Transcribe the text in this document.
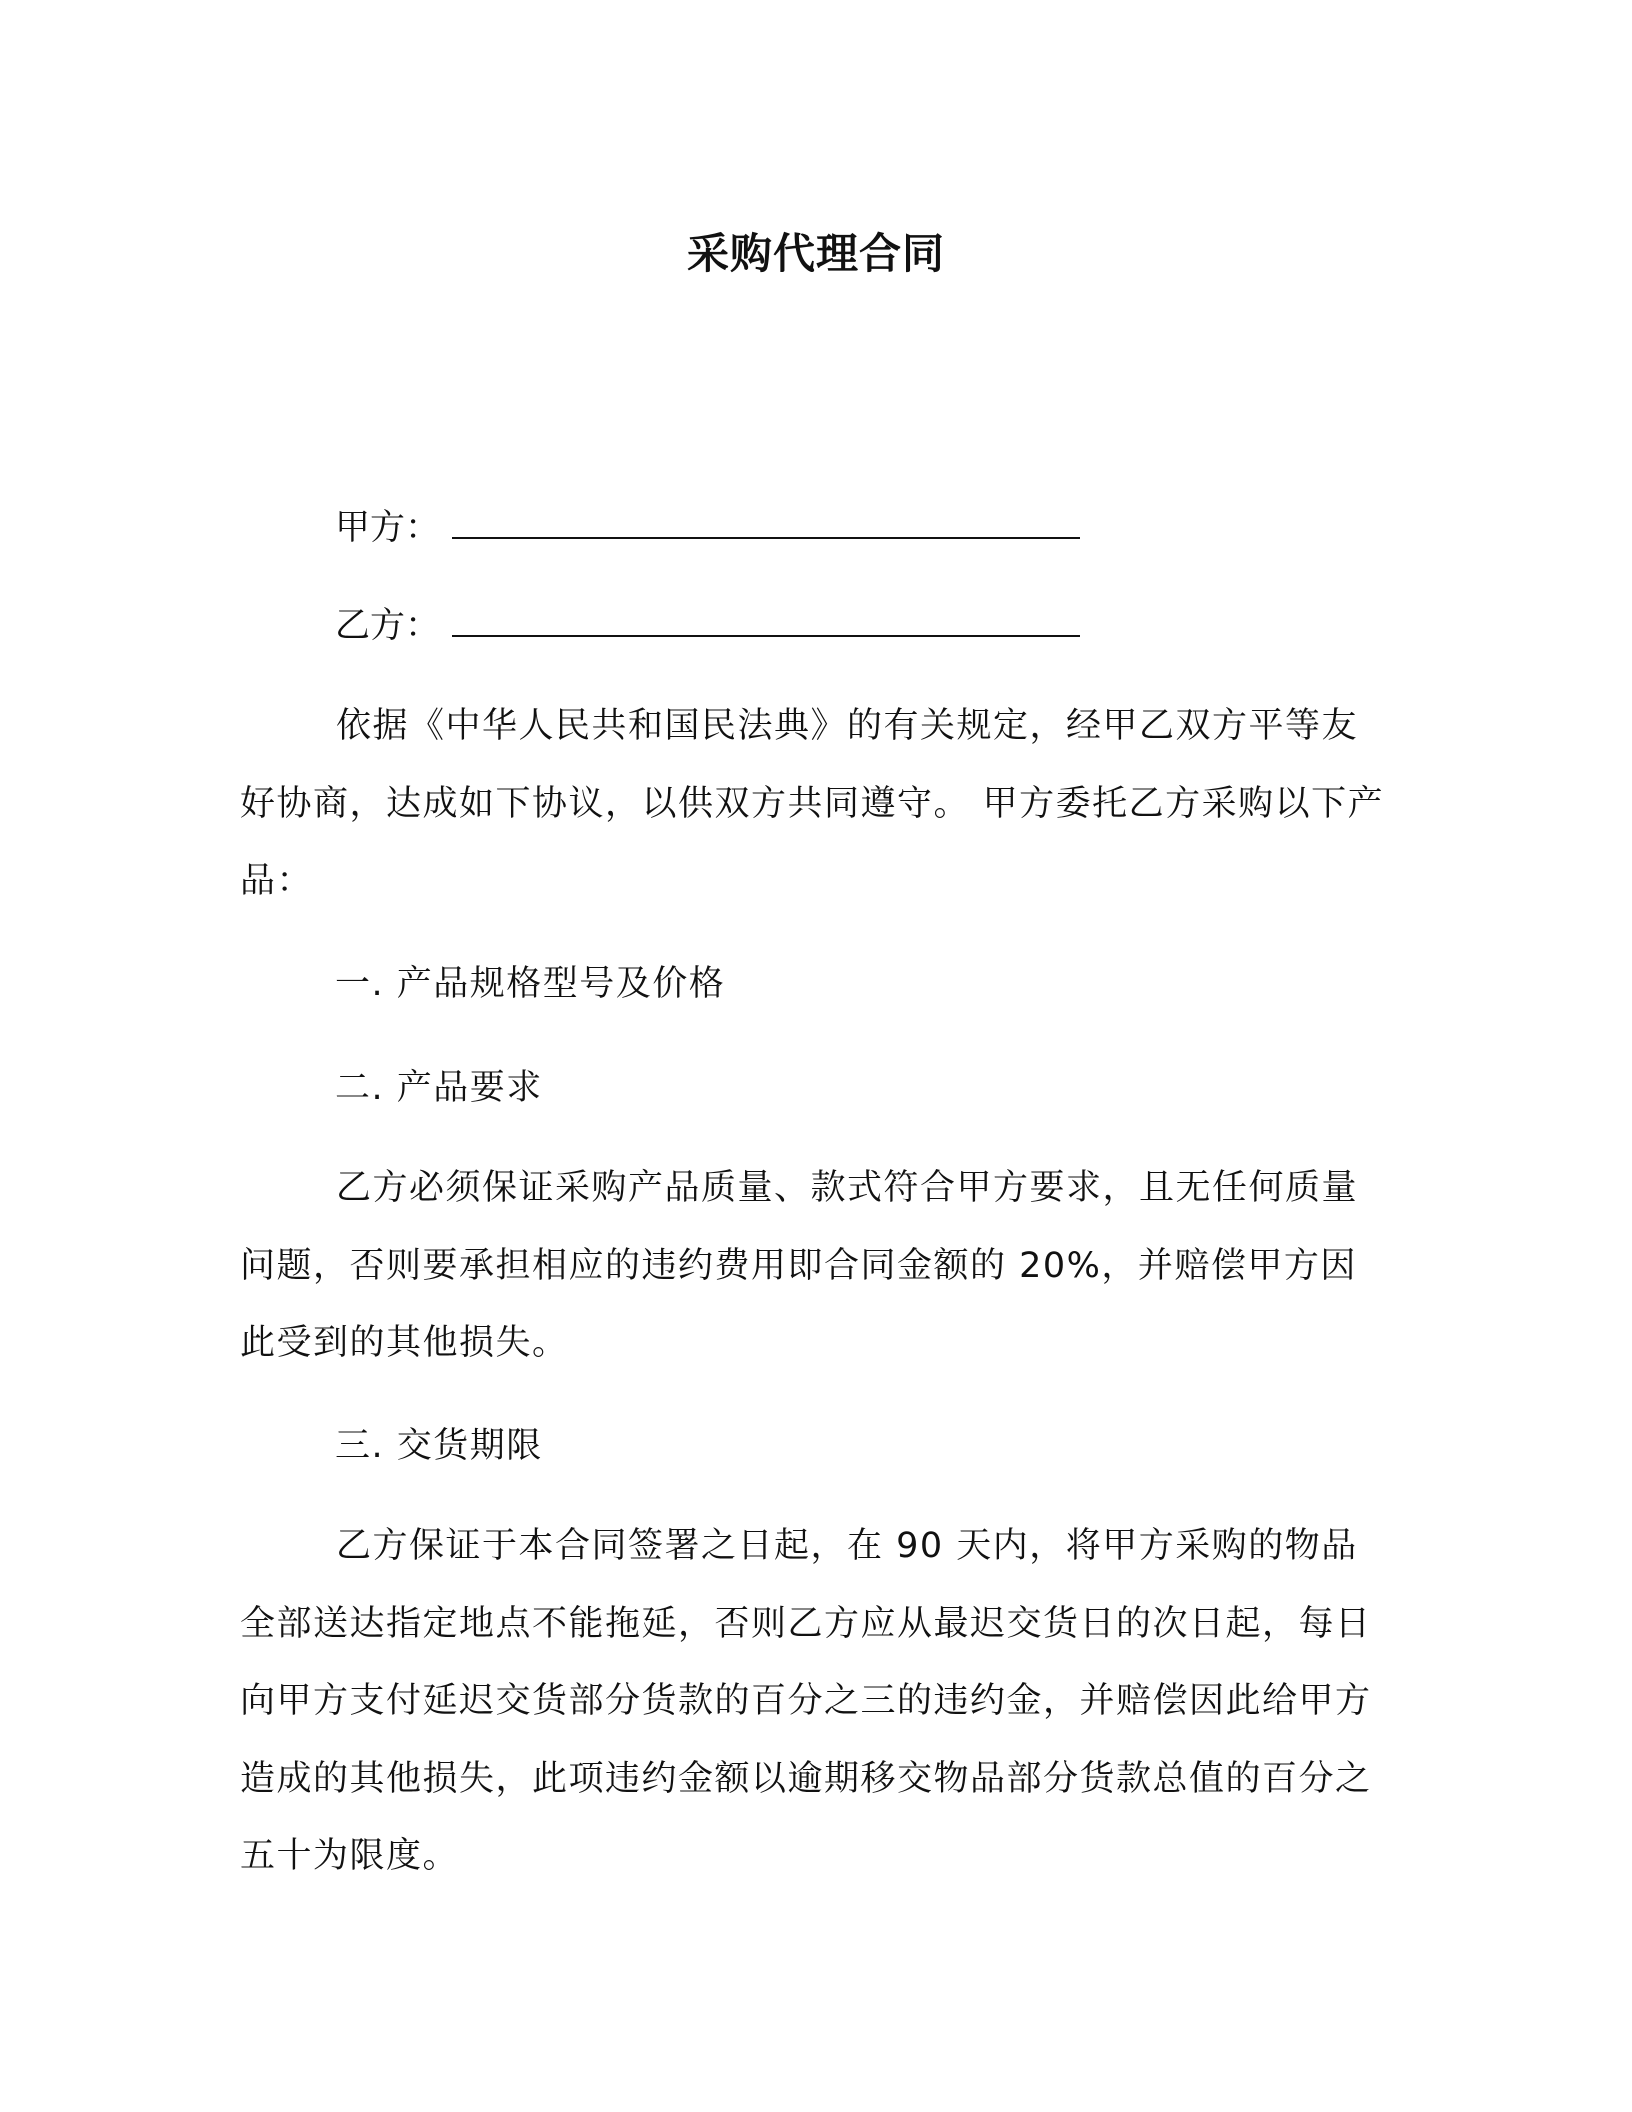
采购代理合同
甲方：
乙方：
依据《中华人民共和国民法典》的有关规定，经甲乙双方平等友好协商，达成如下协议，以供双方共同遵守。 甲方委托乙方采购以下产品：
一. 产品规格型号及价格
二. 产品要求
乙方必须保证采购产品质量、款式符合甲方要求，且无任何质量问题，否则要承担相应的违约费用即合同金额的 20%，并赔偿甲方因此受到的其他损失。
三. 交货期限
乙方保证于本合同签署之日起，在 90 天内，将甲方采购的物品全部送达指定地点不能拖延，否则乙方应从最迟交货日的次日起，每日向甲方支付延迟交货部分货款的百分之三的违约金，并赔偿因此给甲方造成的其他损失，此项违约金额以逾期移交物品部分货款总值的百分之五十为限度。
